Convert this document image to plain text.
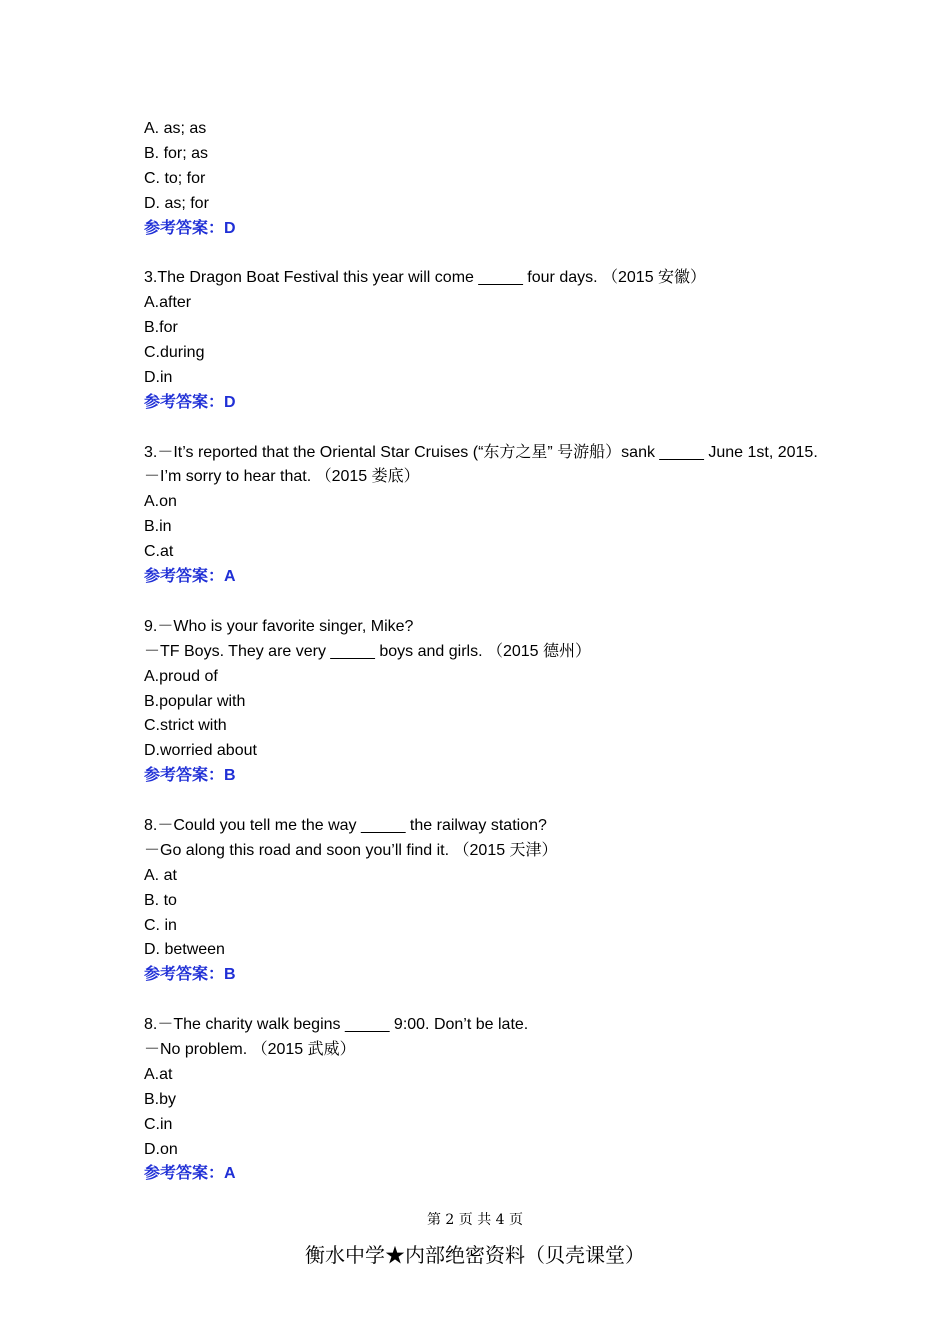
A. as; as
B. for; as
C. to; for
D. as; for
参考答案：D
3.The Dragon Boat Festival this year will come _____ four days. （2015 安徽）
A.after
B.for
C.during
D.in
参考答案：D
3.－It’s reported that the Oriental Star Cruises (“东方之星” 号游船）sank _____ June 1st, 2015.
－I’m sorry to hear that. （2015 娄底）
A.on
B.in
C.at
参考答案：A
9.－Who is your favorite singer, Mike?
－TF Boys. They are very _____ boys and girls. （2015 德州）
A.proud of
B.popular with
C.strict with
D.worried about
参考答案：B
8.－Could you tell me the way _____ the railway station?
－Go along this road and soon you’ll find it. （2015 天津）
A. at
B. to
C. in
D. between
参考答案：B
8.－The charity walk begins _____ 9:00. Don’t be late.
－No problem. （2015 武威）
A.at
B.by
C.in
D.on
参考答案：A
第 2 页 共 4 页
衡水中学★内部绝密资料（贝壳课堂）
